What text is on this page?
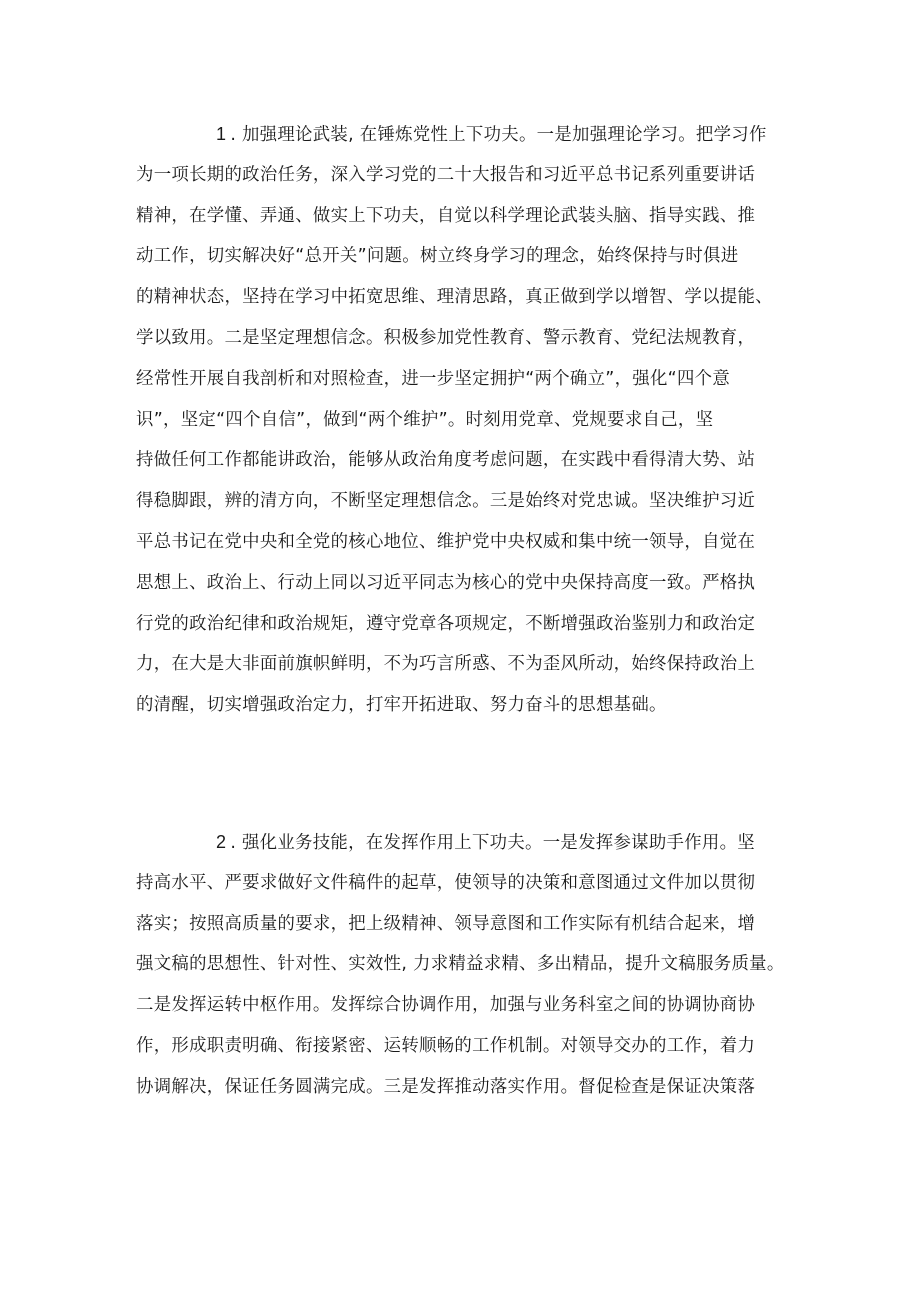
1 . 加强理论武装, 在锤炼党性上下功夫。一是加强理论学习。把学习作
为一项长期的政治任务，深入学习党的二十大报告和习近平总书记系列重要讲话
精神，在学懂、弄通、做实上下功夫，自觉以科学理论武装头脑、指导实践、推
动工作，切实解决好“总开关”问题。树立终身学习的理念，始终保持与时俱进
的精神状态，坚持在学习中拓宽思维、理清思路，真正做到学以增智、学以提能、
学以致用。二是坚定理想信念。积极参加党性教育、警示教育、党纪法规教育，
经常性开展自我剖析和对照检查，进一步坚定拥护“两个确立”，强化“四个意
识”，坚定“四个自信”，做到“两个维护”。时刻用党章、党规要求自己，坚
持做任何工作都能讲政治，能够从政治角度考虑问题，在实践中看得清大势、站
得稳脚跟，辨的清方向，不断坚定理想信念。三是始终对党忠诚。坚决维护习近
平总书记在党中央和全党的核心地位、维护党中央权威和集中统一领导，自觉在
思想上、政治上、行动上同以习近平同志为核心的党中央保持高度一致。严格执
行党的政治纪律和政治规矩，遵守党章各项规定，不断增强政治鉴别力和政治定
力，在大是大非面前旗帜鲜明，不为巧言所惑、不为歪风所动，始终保持政治上
的清醒，切实增强政治定力，打牢开拓进取、努力奋斗的思想基础。
2 . 强化业务技能，在发挥作用上下功夫。一是发挥参谋助手作用。坚
持高水平、严要求做好文件稿件的起草，使领导的决策和意图通过文件加以贯彻
落实；按照高质量的要求，把上级精神、领导意图和工作实际有机结合起来，增
强文稿的思想性、针对性、实效性, 力求精益求精、多出精品，提升文稿服务质量。
二是发挥运转中枢作用。发挥综合协调作用，加强与业务科室之间的协调协商协
作，形成职责明确、衔接紧密、运转顺畅的工作机制。对领导交办的工作，着力
协调解决，保证任务圆满完成。三是发挥推动落实作用。督促检查是保证决策落
